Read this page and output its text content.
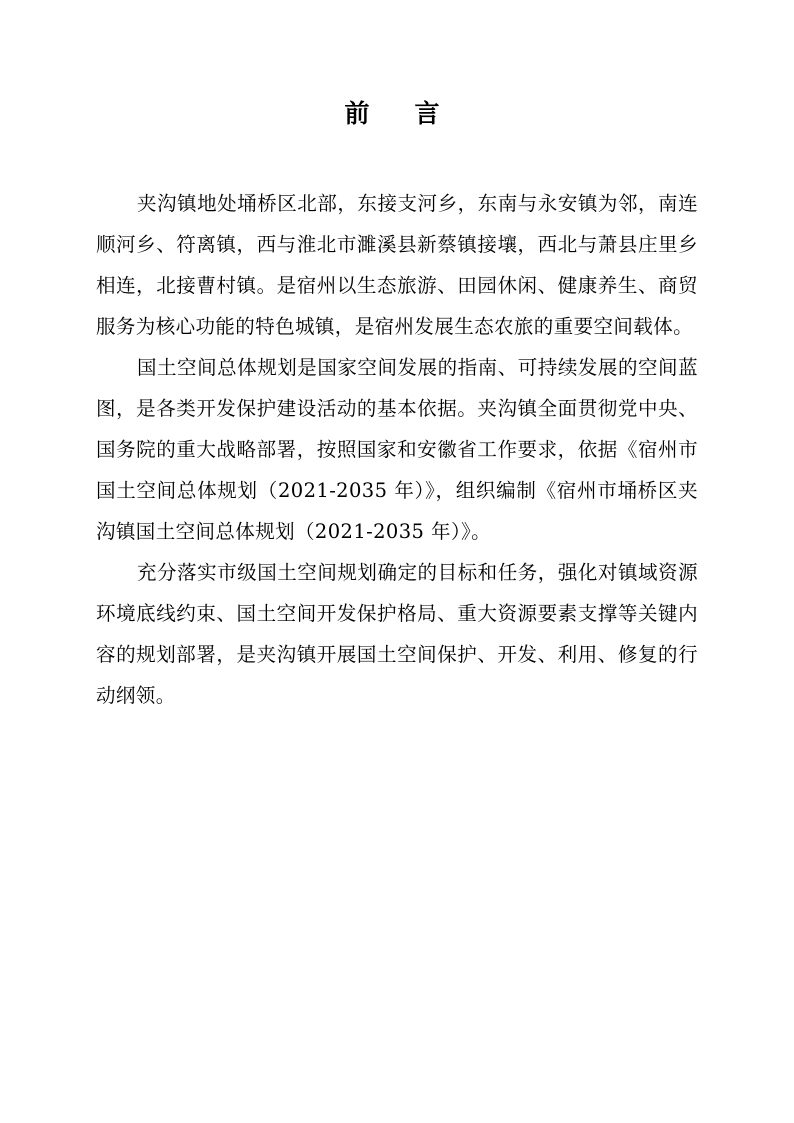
前　言

夹沟镇地处埇桥区北部，东接支河乡，东南与永安镇为邻，南连顺河乡、符离镇，西与淮北市濉溪县新蔡镇接壤，西北与萧县庄里乡相连，北接曹村镇。是宿州以生态旅游、田园休闲、健康养生、商贸服务为核心功能的特色城镇，是宿州发展生态农旅的重要空间载体。

国土空间总体规划是国家空间发展的指南、可持续发展的空间蓝图，是各类开发保护建设活动的基本依据。夹沟镇全面贯彻党中央、国务院的重大战略部署，按照国家和安徽省工作要求，依据《宿州市国土空间总体规划（2021-2035 年）》，组织编制《宿州市埇桥区夹沟镇国土空间总体规划（2021-2035 年）》。

充分落实市级国土空间规划确定的目标和任务，强化对镇域资源环境底线约束、国土空间开发保护格局、重大资源要素支撑等关键内容的规划部署，是夹沟镇开展国土空间保护、开发、利用、修复的行动纲领。
